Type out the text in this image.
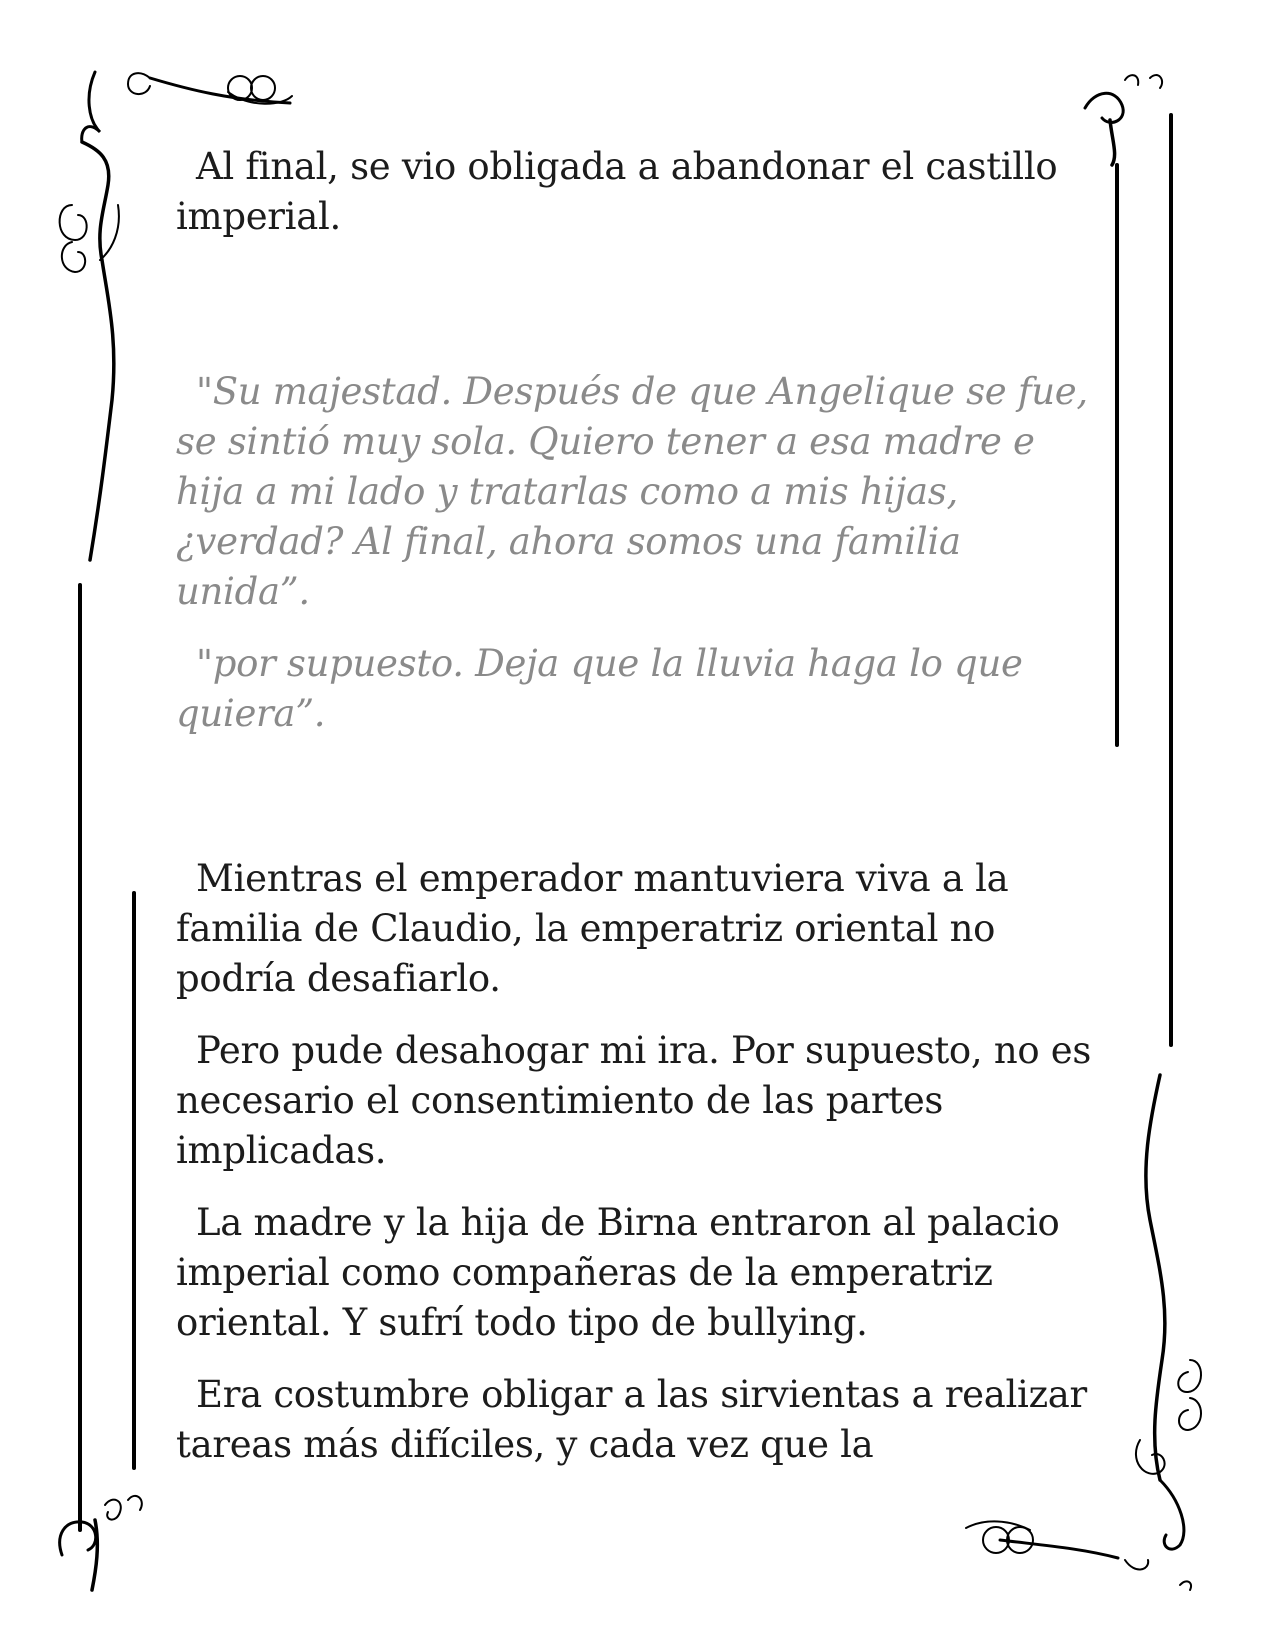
Al final, se vio obligada a abandonar el castillo imperial.

"Su majestad. Después de que Angelique se fue, se sintió muy sola. Quiero tener a esa madre e hija a mi lado y tratarlas como a mis hijas, ¿verdad? Al final, ahora somos una familia unida”.

"por supuesto. Deja que la lluvia haga lo que quiera”.

Mientras el emperador mantuviera viva a la familia de Claudio, la emperatriz oriental no podría desafiarlo.

Pero pude desahogar mi ira. Por supuesto, no es necesario el consentimiento de las partes implicadas.

La madre y la hija de Birna entraron al palacio imperial como compañeras de la emperatriz oriental. Y sufrí todo tipo de bullying.

Era costumbre obligar a las sirvientas a realizar tareas más difíciles, y cada vez que la
